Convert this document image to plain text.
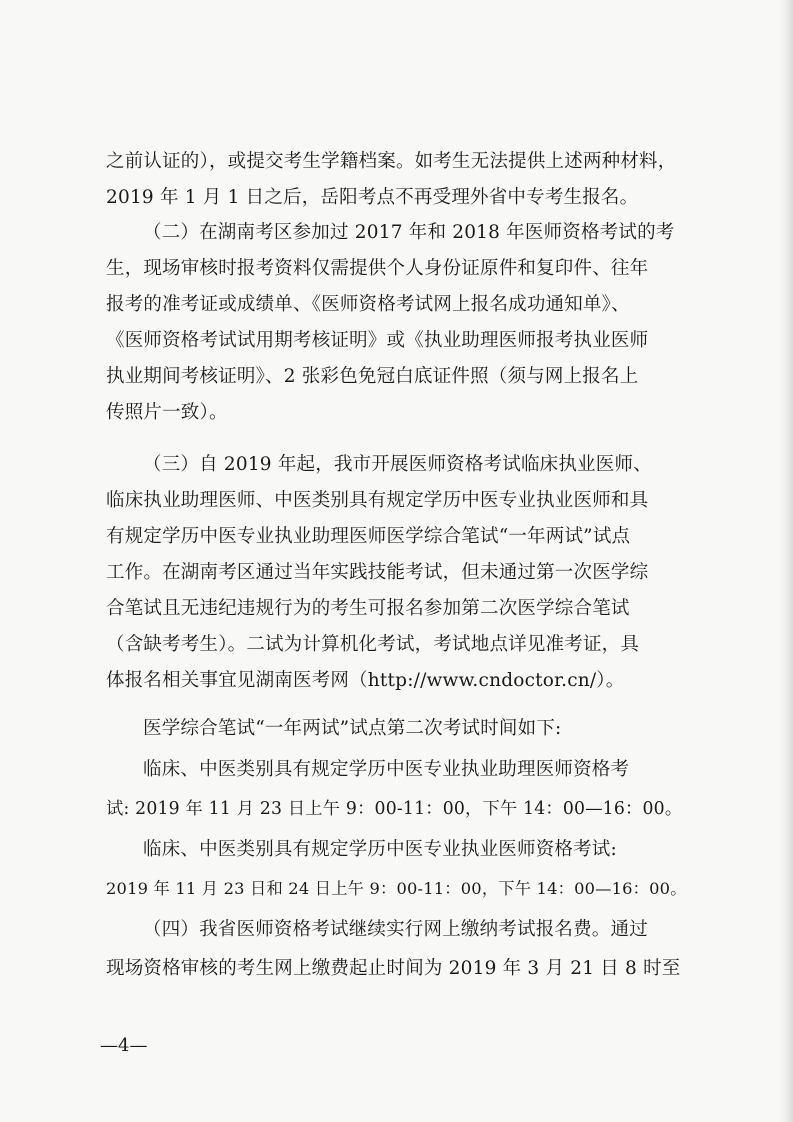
之前认证的），或提交考生学籍档案。如考生无法提供上述两种材料，
2019 年 1 月 1 日之后，岳阳考点不再受理外省中专考生报名。
（二）在湖南考区参加过 2017 年和 2018 年医师资格考试的考
生，现场审核时报考资料仅需提供个人身份证原件和复印件、往年
报考的准考证或成绩单、《医师资格考试网上报名成功通知单》、
《医师资格考试试用期考核证明》或《执业助理医师报考执业医师
执业期间考核证明》、2 张彩色免冠白底证件照（须与网上报名上
传照片一致）。
（三）自 2019 年起，我市开展医师资格考试临床执业医师、
临床执业助理医师、中医类别具有规定学历中医专业执业医师和具
有规定学历中医专业执业助理医师医学综合笔试“一年两试”试点
工作。在湖南考区通过当年实践技能考试，但未通过第一次医学综
合笔试且无违纪违规行为的考生可报名参加第二次医学综合笔试
（含缺考考生）。二试为计算机化考试，考试地点详见准考证，具
体报名相关事宜见湖南医考网（http://www.cndoctor.cn/）。
医学综合笔试“一年两试”试点第二次考试时间如下:
临床、中医类别具有规定学历中医专业执业助理医师资格考
试: 2019 年 11 月 23 日上午 9：00-11：00，下午 14：00—16：00。
临床、中医类别具有规定学历中医专业执业医师资格考试:
2019 年 11 月 23 日和 24 日上午 9：00-11：00，下午 14：00—16：00。
（四）我省医师资格考试继续实行网上缴纳考试报名费。通过
现场资格审核的考生网上缴费起止时间为 2019 年 3 月 21 日 8 时至
—4—
